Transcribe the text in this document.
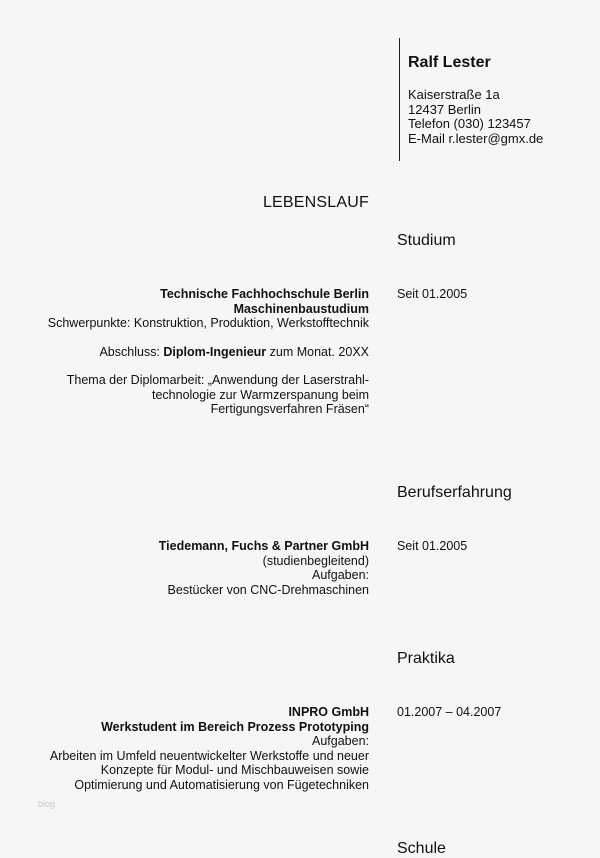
Ralf Lester
Kaiserstraße 1a
12437 Berlin
Telefon (030) 123457
E-Mail r.lester@gmx.de
LEBENSLAUF
Studium
Technische Fachhochschule Berlin
Maschinenbaustudium
Schwerpunkte: Konstruktion, Produktion, Werkstofftechnik
Abschluss: Diplom-Ingenieur zum Monat. 20XX
Thema der Diplomarbeit: „Anwendung der Laserstrahl-
technologie zur Warmzerspanung beim
Fertigungsverfahren Fräsen“
Seit 01.2005
Berufserfahrung
Tiedemann, Fuchs & Partner GmbH
(studienbegleitend)
Aufgaben:
Bestücker von CNC-Drehmaschinen
Seit 01.2005
Praktika
INPRO GmbH
Werkstudent im Bereich Prozess Prototyping
Aufgaben:
Arbeiten im Umfeld neuentwickelter Werkstoffe und neuer
Konzepte für Modul- und Mischbauweisen sowie
Optimierung und Automatisierung von Fügetechniken
01.2007 – 04.2007
Schule
blog
